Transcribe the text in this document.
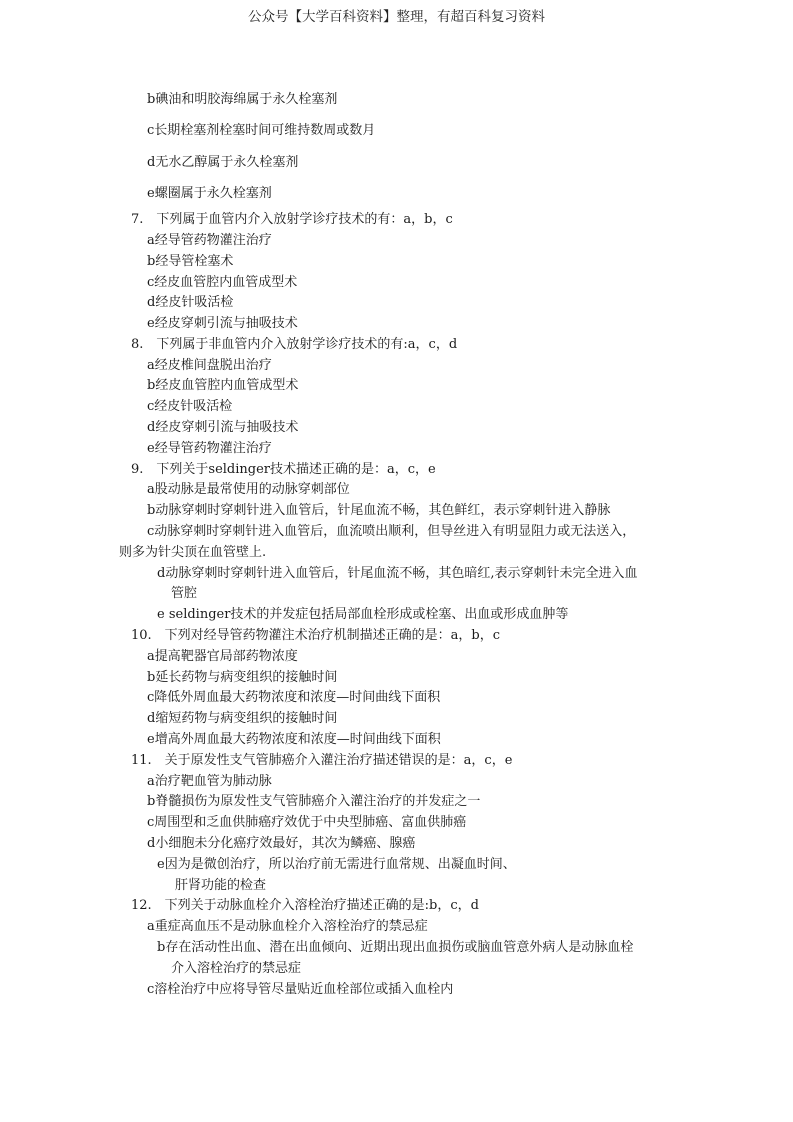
公众号【大学百科资料】整理，有超百科复习资料
b碘油和明胶海绵属于永久栓塞剂
c长期栓塞剂栓塞时间可维持数周或数月
d无水乙醇属于永久栓塞剂
e螺圈属于永久栓塞剂
7.　下列属于血管内介入放射学诊疗技术的有：a，b，c
a经导管药物灌注治疗
b经导管栓塞术
c经皮血管腔内血管成型术
d经皮针吸活检
e经皮穿刺引流与抽吸技术
8.　下列属于非血管内介入放射学诊疗技术的有:a，c，d
a经皮椎间盘脱出治疗
b经皮血管腔内血管成型术
c经皮针吸活检
d经皮穿刺引流与抽吸技术
e经导管药物灌注治疗
9.　下列关于seldinger技术描述正确的是：a，c，e
a股动脉是最常使用的动脉穿刺部位
b动脉穿刺时穿刺针进入血管后，针尾血流不畅，其色鲜红，表示穿刺针进入静脉
c动脉穿刺时穿刺针进入血管后，血流喷出顺利，但导丝进入有明显阻力或无法送入，
则多为针尖顶在血管壁上.
d动脉穿刺时穿刺针进入血管后，针尾血流不畅，其色暗红,表示穿刺针未完全进入血
管腔
e seldinger技术的并发症包括局部血栓形成或栓塞、出血或形成血肿等
10.　下列对经导管药物灌注术治疗机制描述正确的是：a，b，c
a提高靶器官局部药物浓度
b延长药物与病变组织的接触时间
c降低外周血最大药物浓度和浓度—时间曲线下面积
d缩短药物与病变组织的接触时间
e增高外周血最大药物浓度和浓度—时间曲线下面积
11.　关于原发性支气管肺癌介入灌注治疗描述错误的是：a，c，e
a治疗靶血管为肺动脉
b脊髓损伤为原发性支气管肺癌介入灌注治疗的并发症之一
c周围型和乏血供肺癌疗效优于中央型肺癌、富血供肺癌
d小细胞未分化癌疗效最好，其次为鳞癌、腺癌
e因为是微创治疗，所以治疗前无需进行血常规、出凝血时间、
肝肾功能的检查
12.　下列关于动脉血栓介入溶栓治疗描述正确的是:b，c，d
a重症高血压不是动脉血栓介入溶栓治疗的禁忌症
b存在活动性出血、潜在出血倾向、近期出现出血损伤或脑血管意外病人是动脉血栓
介入溶栓治疗的禁忌症
c溶栓治疗中应将导管尽量贴近血栓部位或插入血栓内
